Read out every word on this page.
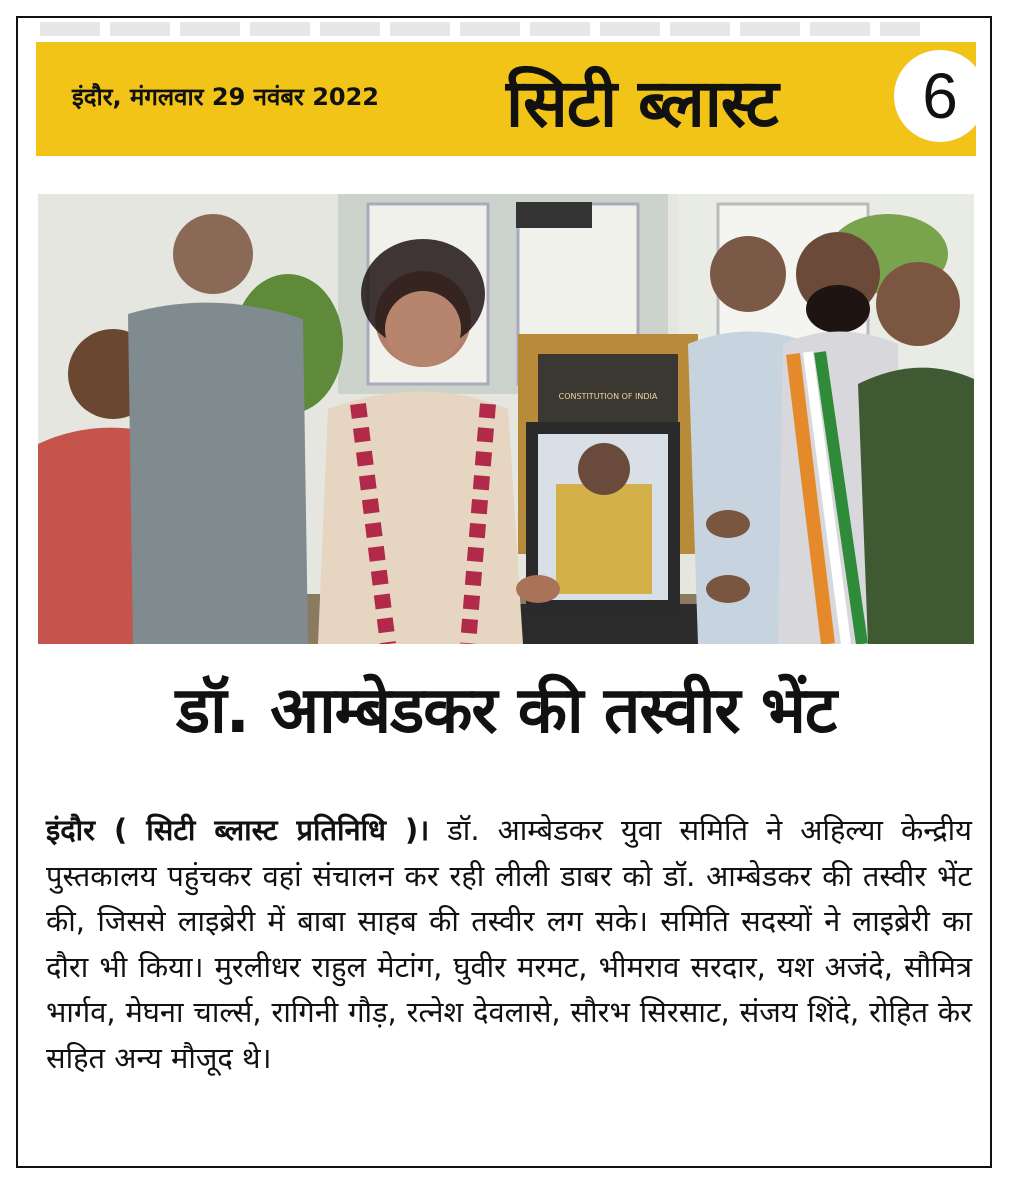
इंदौर, मंगलवार 29 नवंबर 2022 सिटी ब्लास्ट	6
CONSTITUTION OF INDIA
डॉ. आम्बेडकर की तस्वीर भेंट
इंदौर ( सिटी ब्लास्ट प्रतिनिधि )। डॉ. आम्बेडकर युवा समिति ने अहिल्या केन्द्रीय पुस्तकालय पहुंचकर वहां संचालन कर रही लीली डाबर को डॉ. आम्बेडकर की तस्वीर भेंट की, जिससे लाइब्रेरी में बाबा साहब की तस्वीर लग सके। समिति सदस्यों ने लाइब्रेरी का दौरा भी किया। मुरलीधर राहुल मेटांग, घुवीर मरमट, भीमराव सरदार, यश अजंदे, सौमित्र भार्गव, मेघना चार्ल्स, रागिनी गौड़, रत्नेश देवलासे, सौरभ सिरसाट, संजय शिंदे, रोहित केर सहित अन्य मौजूद थे।
